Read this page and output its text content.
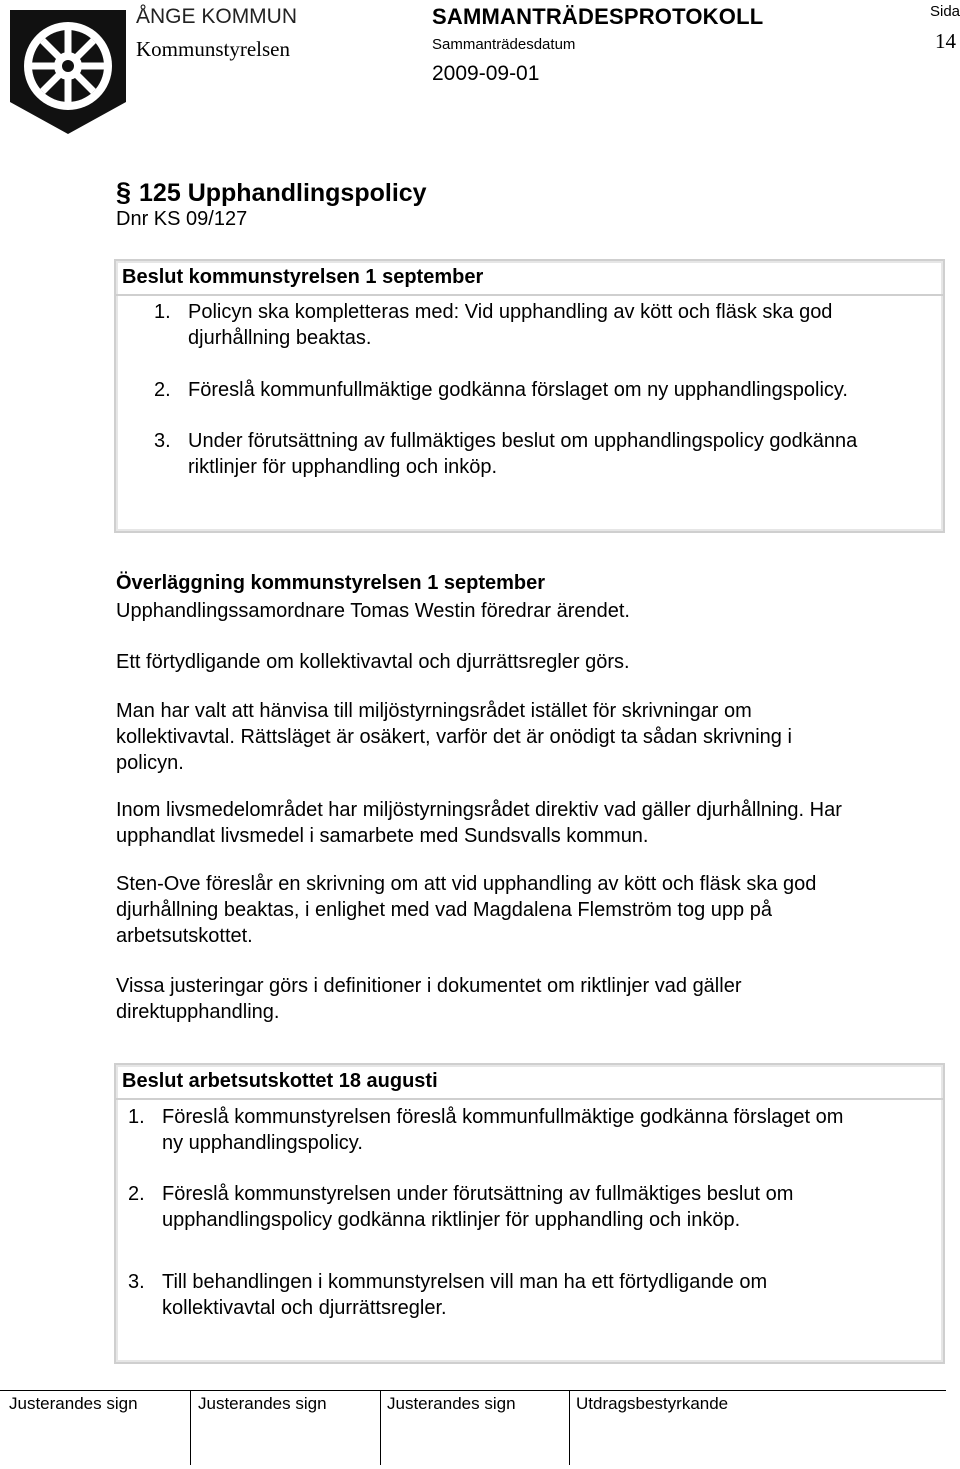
ÅNGE KOMMUN
Kommunstyrelsen
SAMMANTRÄDESPROTOKOLL
Sammanträdesdatum
2009-09-01
Sida
14
§ 125 Upphandlingspolicy
Dnr KS 09/127
Beslut kommunstyrelsen 1 september
1. Policyn ska kompletteras med: Vid upphandling av kött och fläsk ska god
djurhållning beaktas.
2. Föreslå kommunfullmäktige godkänna förslaget om ny upphandlingspolicy.
3. Under förutsättning av fullmäktiges beslut om upphandlingspolicy godkänna
riktlinjer för upphandling och inköp.
Överläggning kommunstyrelsen 1 september
Upphandlingssamordnare Tomas Westin föredrar ärendet.
Ett förtydligande om kollektivavtal och djurrättsregler görs.
Man har valt att hänvisa till miljöstyrningsrådet istället för skrivningar om
kollektivavtal. Rättsläget är osäkert, varför det är onödigt ta sådan skrivning i
policyn.
Inom livsmedelområdet har miljöstyrningsrådet direktiv vad gäller djurhållning. Har
upphandlat livsmedel i samarbete med Sundsvalls kommun.
Sten-Ove föreslår en skrivning om att vid upphandling av kött och fläsk ska god
djurhållning beaktas, i enlighet med vad Magdalena Flemström tog upp på
arbetsutskottet.
Vissa justeringar görs i definitioner i dokumentet om riktlinjer vad gäller
direktupphandling.
Beslut arbetsutskottet 18 augusti
1. Föreslå kommunstyrelsen föreslå kommunfullmäktige godkänna förslaget om
ny upphandlingspolicy.
2. Föreslå kommunstyrelsen under förutsättning av fullmäktiges beslut om
upphandlingspolicy godkänna riktlinjer för upphandling och inköp.
3. Till behandlingen i kommunstyrelsen vill man ha ett förtydligande om
kollektivavtal och djurrättsregler.
Justerandes sign	Justerandes sign	Justerandes sign	Utdragsbestyrkande
